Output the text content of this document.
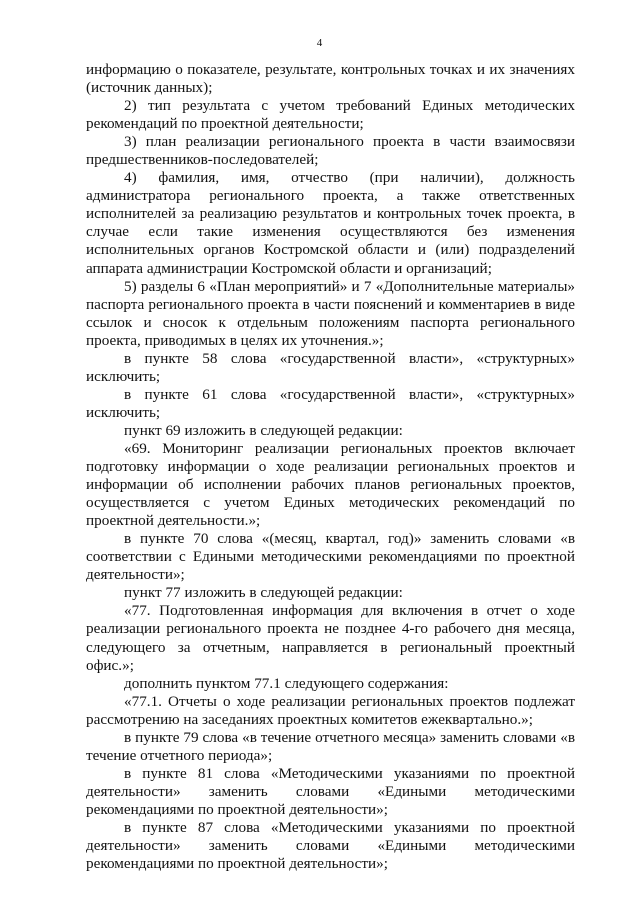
4

информацию о показателе, результате, контрольных точках и их значениях (источник данных);

2) тип результата с учетом требований Единых методических рекомендаций по проектной деятельности;

3) план реализации регионального проекта в части взаимосвязи предшественников-последователей;

4) фамилия, имя, отчество (при наличии), должность администратора регионального проекта, а также ответственных исполнителей за реализацию результатов и контрольных точек проекта, в случае если такие изменения осуществляются без изменения исполнительных органов Костромской области и (или) подразделений аппарата администрации Костромской области и организаций;

5) разделы 6 «План мероприятий» и 7 «Дополнительные материалы» паспорта регионального проекта в части пояснений и комментариев в виде ссылок и сносок к отдельным положениям паспорта регионального проекта, приводимых в целях их уточнения.»;

в пункте 58 слова «государственной власти», «структурных» исключить;

в пункте 61 слова «государственной власти», «структурных» исключить;

пункт 69 изложить в следующей редакции:

«69. Мониторинг реализации региональных проектов включает подготовку информации о ходе реализации региональных проектов и информации об исполнении рабочих планов региональных проектов, осуществляется с учетом Единых методических рекомендаций по проектной деятельности.»;

в пункте 70 слова «(месяц, квартал, год)» заменить словами «в соответствии с Едиными методическими рекомендациями по проектной деятельности»;

пункт 77 изложить в следующей редакции:

«77. Подготовленная информация для включения в отчет о ходе реализации регионального проекта не позднее 4-го рабочего дня месяца, следующего за отчетным, направляется в региональный проектный офис.»;

дополнить пунктом 77.1 следующего содержания:

«77.1. Отчеты о ходе реализации региональных проектов подлежат рассмотрению на заседаниях проектных комитетов ежеквартально.»;

в пункте 79 слова «в течение отчетного месяца» заменить словами «в течение отчетного периода»;

в пункте 81 слова «Методическими указаниями по проектной деятельности» заменить словами «Едиными методическими рекомендациями по проектной деятельности»;

в пункте 87 слова «Методическими указаниями по проектной деятельности» заменить словами «Едиными методическими рекомендациями по проектной деятельности»;
